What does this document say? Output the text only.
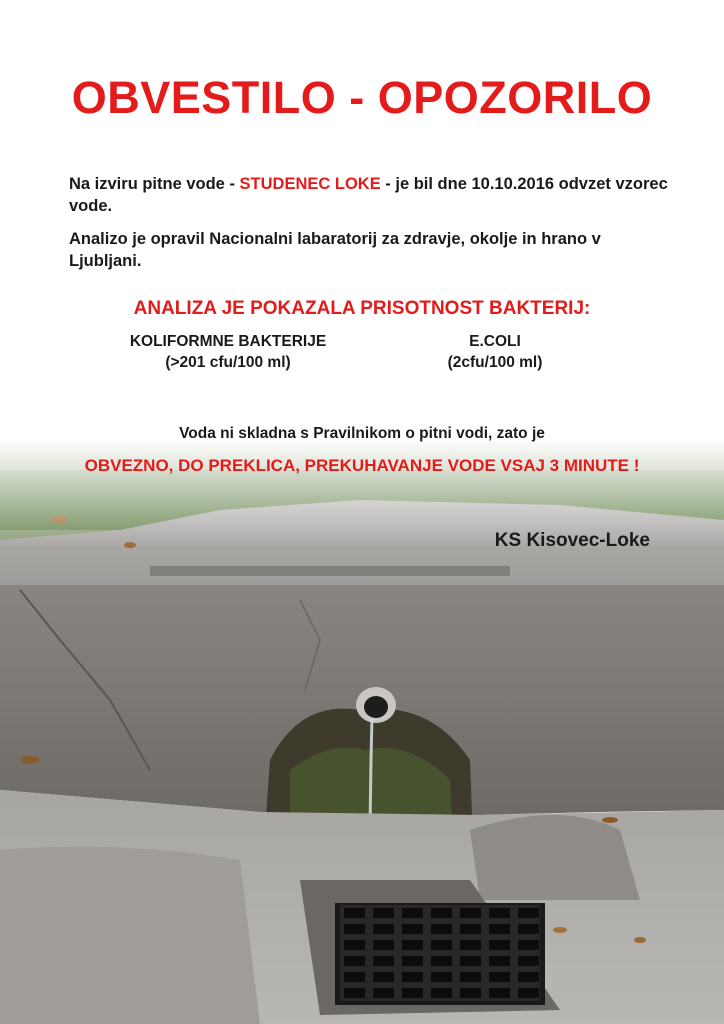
OBVESTILO - OPOZORILO

Na izviru pitne vode - STUDENEC LOKE - je bil dne 10.10.2016 odvzet vzorec vode.

Analizo je opravil Nacionalni labaratorij za zdravje, okolje in hrano v Ljubljani.

ANALIZA JE POKAZALA PRISOTNOST BAKTERIJ:
KOLIFORMNE BAKTERIJE
(>201 cfu/100 ml)
E.COLI
(2cfu/100 ml)

Voda ni skladna s Pravilnikom o pitni vodi, zato je

OBVEZNO, DO PREKLICA, PREKUHAVANJE VODE VSAJ 3 MINUTE !

KS Kisovec-Loke
